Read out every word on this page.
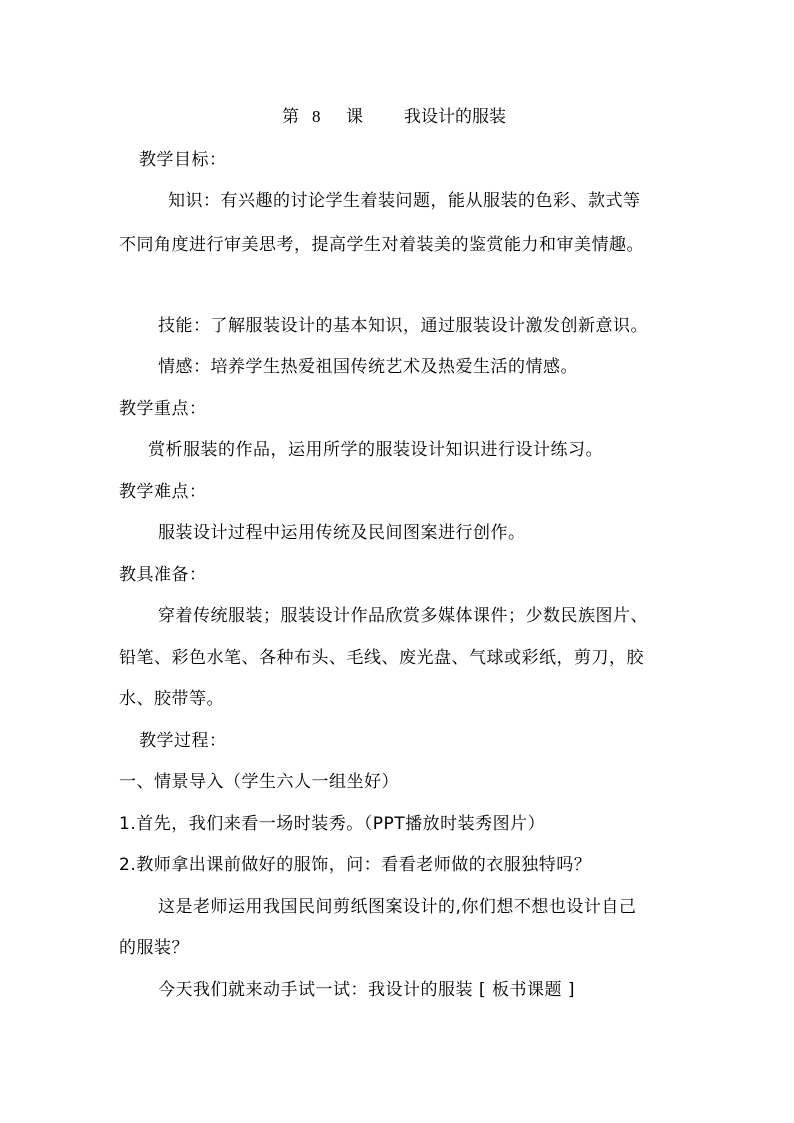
第 8 课 我设计的服装
教学目标：
知识：有兴趣的讨论学生着装问题，能从服装的色彩、款式等
不同角度进行审美思考，提高学生对着装美的鉴赏能力和审美情趣。
技能：了解服装设计的基本知识，通过服装设计激发创新意识。
情感：培养学生热爱祖国传统艺术及热爱生活的情感。
教学重点：
赏析服装的作品，运用所学的服装设计知识进行设计练习。
教学难点：
服装设计过程中运用传统及民间图案进行创作。
教具准备：
穿着传统服装；服装设计作品欣赏多媒体课件；少数民族图片、
铅笔、彩色水笔、各种布头、毛线、废光盘、气球或彩纸，剪刀，胶
水、胶带等。
教学过程：
一、情景导入（学生六人一组坐好）
1.首先，我们来看一场时装秀。（PPT播放时装秀图片）
2.教师拿出课前做好的服饰，问：看看老师做的衣服独特吗？
这是老师运用我国民间剪纸图案设计的,你们想不想也设计自己
的服装？
今天我们就来动手试一试：我设计的服装 [ 板书课题 ]
